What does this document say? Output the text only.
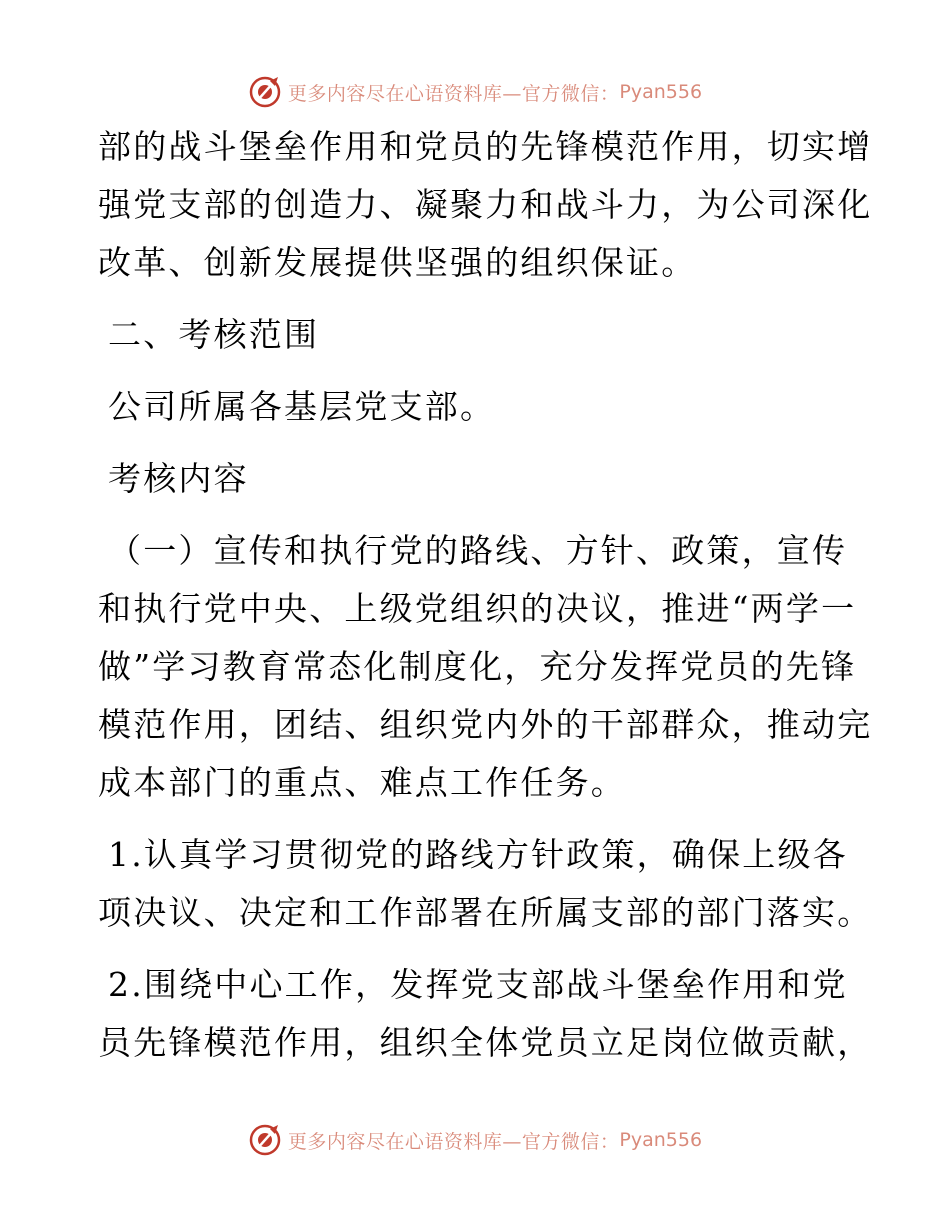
更多内容尽在心语资料库—官方微信： Pyan556
部的战斗堡垒作用和党员的先锋模范作用，切实增
强党支部的创造力、凝聚力和战斗力，为公司深化
改革、创新发展提供坚强的组织保证。
二、考核范围
公司所属各基层党支部。
考核内容
（一）宣传和执行党的路线、方针、政策，宣传
和执行党中央、上级党组织的决议，推进“两学一
做”学习教育常态化制度化，充分发挥党员的先锋
模范作用，团结、组织党内外的干部群众，推动完
成本部门的重点、难点工作任务。
1.认真学习贯彻党的路线方针政策，确保上级各
项决议、决定和工作部署在所属支部的部门落实。
2.围绕中心工作，发挥党支部战斗堡垒作用和党
员先锋模范作用，组织全体党员立足岗位做贡献，
更多内容尽在心语资料库—官方微信： Pyan556
